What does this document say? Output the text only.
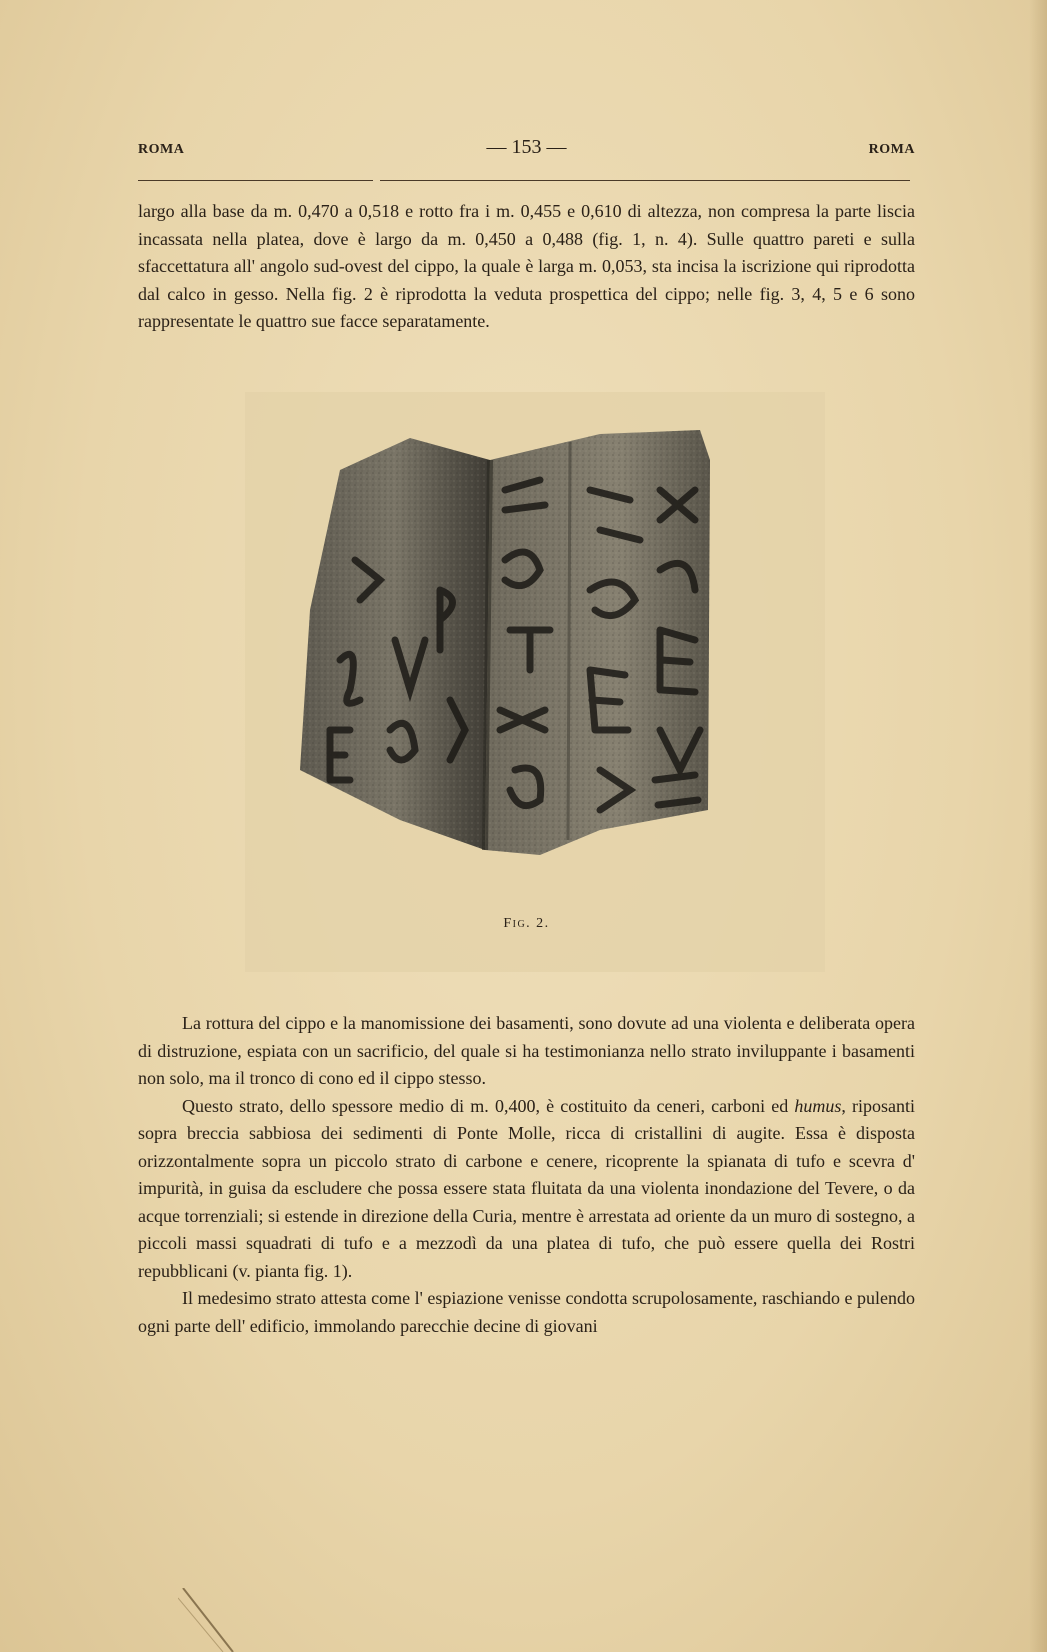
ROMA	— 153 —	ROMA

largo alla base da m. 0,470 a 0,518 e rotto fra i m. 0,455 e 0,610 di altezza, non compresa la parte liscia incassata nella platea, dove è largo da m. 0,450 a 0,488 (fig. 1, n. 4). Sulle quattro pareti e sulla sfaccettatura all' angolo sud-ovest del cippo, la quale è larga m. 0,053, sta incisa la iscrizione qui riprodotta dal calco in gesso. Nella fig. 2 è riprodotta la veduta prospettica del cippo; nelle fig. 3, 4, 5 e 6 sono rappresentate le quattro sue facce separatamente.

Fig. 2.

La rottura del cippo e la manomissione dei basamenti, sono dovute ad una violenta e deliberata opera di distruzione, espiata con un sacrificio, del quale si ha testimonianza nello strato inviluppante i basamenti non solo, ma il tronco di cono ed il cippo stesso.

Questo strato, dello spessore medio di m. 0,400, è costituito da ceneri, carboni ed humus, riposanti sopra breccia sabbiosa dei sedimenti di Ponte Molle, ricca di cristallini di augite. Essa è disposta orizzontalmente sopra un piccolo strato di carbone e cenere, ricoprente la spianata di tufo e scevra d' impurità, in guisa da escludere che possa essere stata fluitata da una violenta inondazione del Tevere, o da acque torrenziali; si estende in direzione della Curia, mentre è arrestata ad oriente da un muro di sostegno, a piccoli massi squadrati di tufo e a mezzodì da una platea di tufo, che può essere quella dei Rostri repubblicani (v. pianta fig. 1).

Il medesimo strato attesta come l' espiazione venisse condotta scrupolosamente, raschiando e pulendo ogni parte dell' edificio, immolando parecchie decine di giovani
